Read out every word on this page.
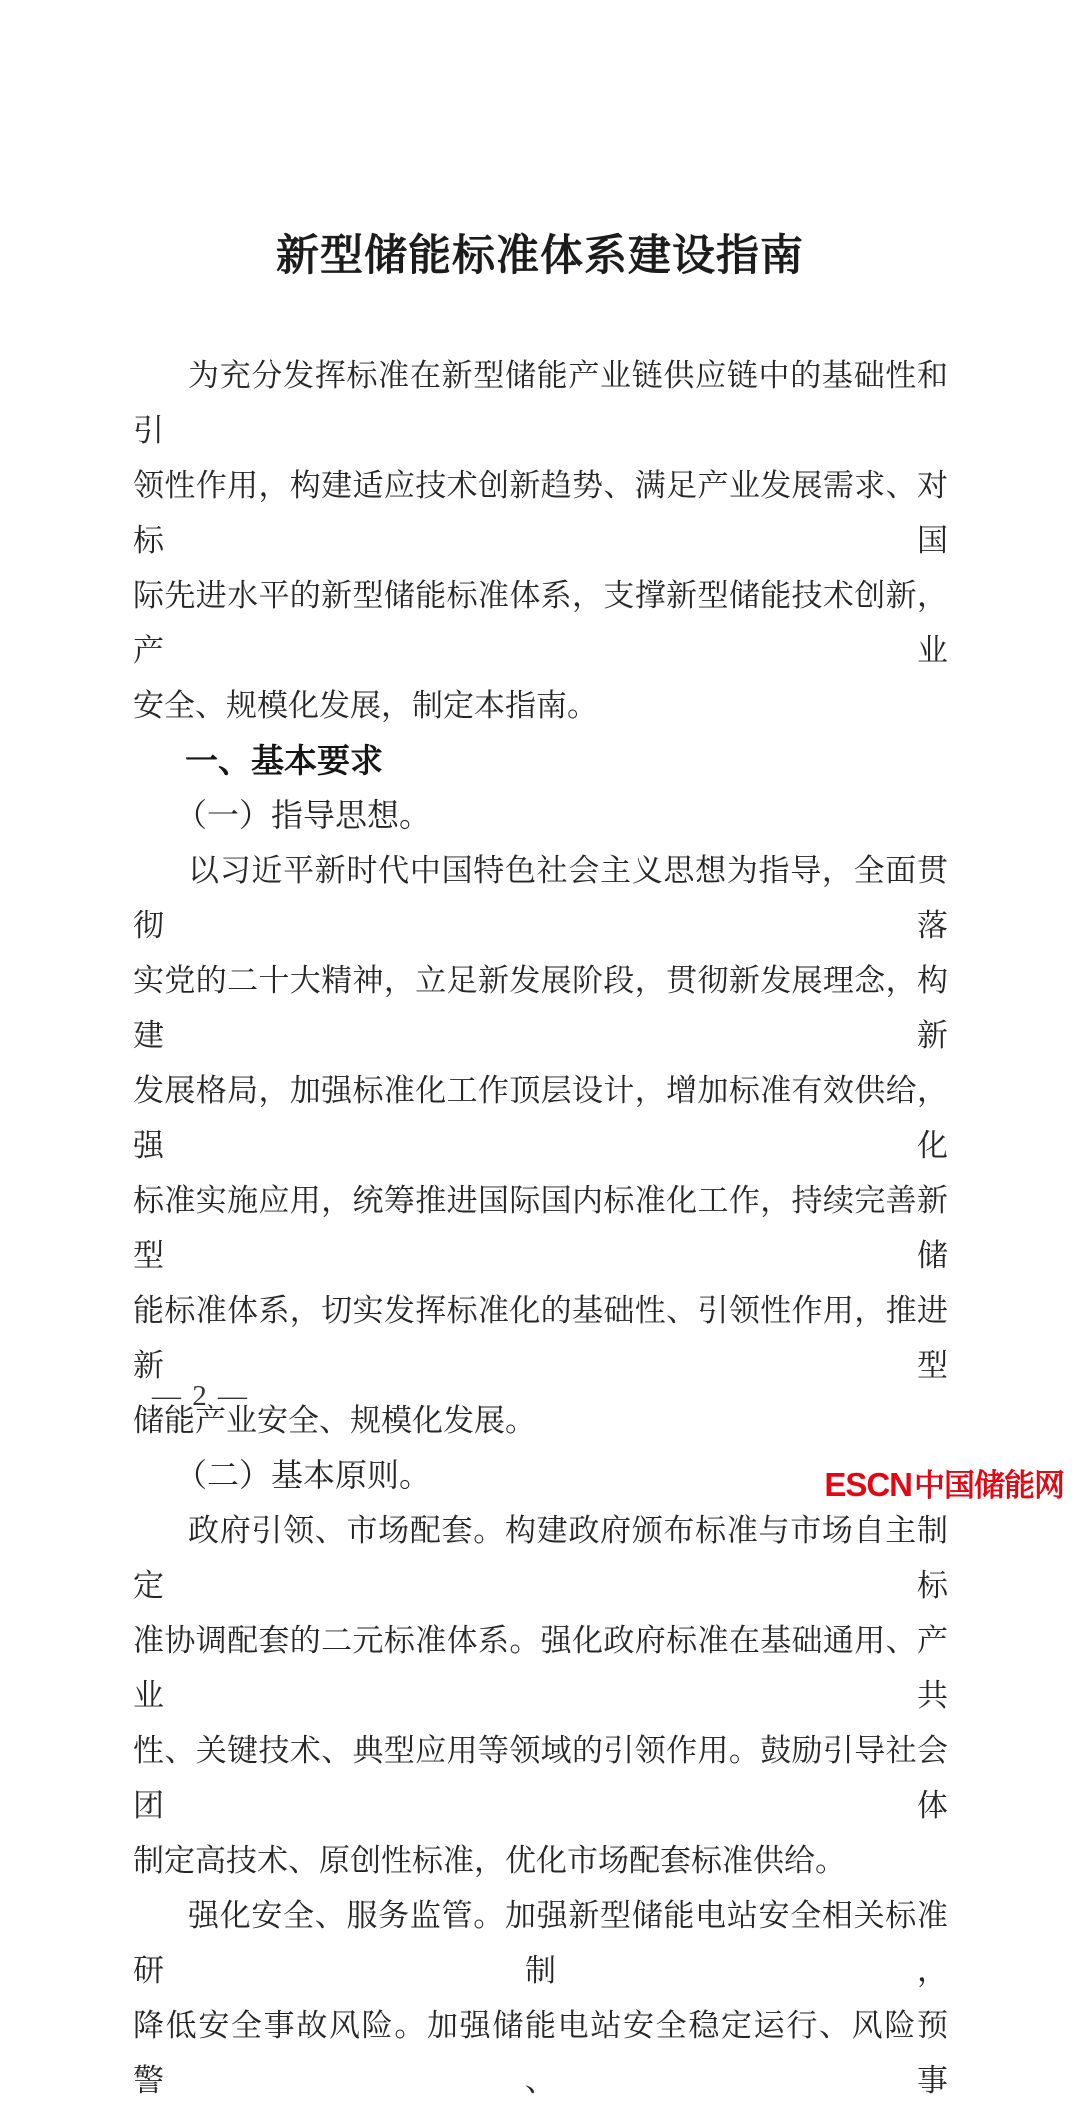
新型储能标准体系建设指南
为充分发挥标准在新型储能产业链供应链中的基础性和引
领性作用，构建适应技术创新趋势、满足产业发展需求、对标国
际先进水平的新型储能标准体系，支撑新型储能技术创新，产业
安全、规模化发展，制定本指南。
一、基本要求
（一）指导思想。
以习近平新时代中国特色社会主义思想为指导，全面贯彻落
实党的二十大精神，立足新发展阶段，贯彻新发展理念，构建新
发展格局，加强标准化工作顶层设计，增加标准有效供给，强化
标准实施应用，统筹推进国际国内标准化工作，持续完善新型储
能标准体系，切实发挥标准化的基础性、引领性作用，推进新型
储能产业安全、规模化发展。
（二）基本原则。
政府引领、市场配套。构建政府颁布标准与市场自主制定标
准协调配套的二元标准体系。强化政府标准在基础通用、产业共
性、关键技术、典型应用等领域的引领作用。鼓励引导社会团体
制定高技术、原创性标准，优化市场配套标准供给。
强化安全、服务监管。加强新型储能电站安全相关标准研制，
降低安全事故风险。加强储能电站安全稳定运行、风险预警、事
— 2 —
ESCN中国储能网
